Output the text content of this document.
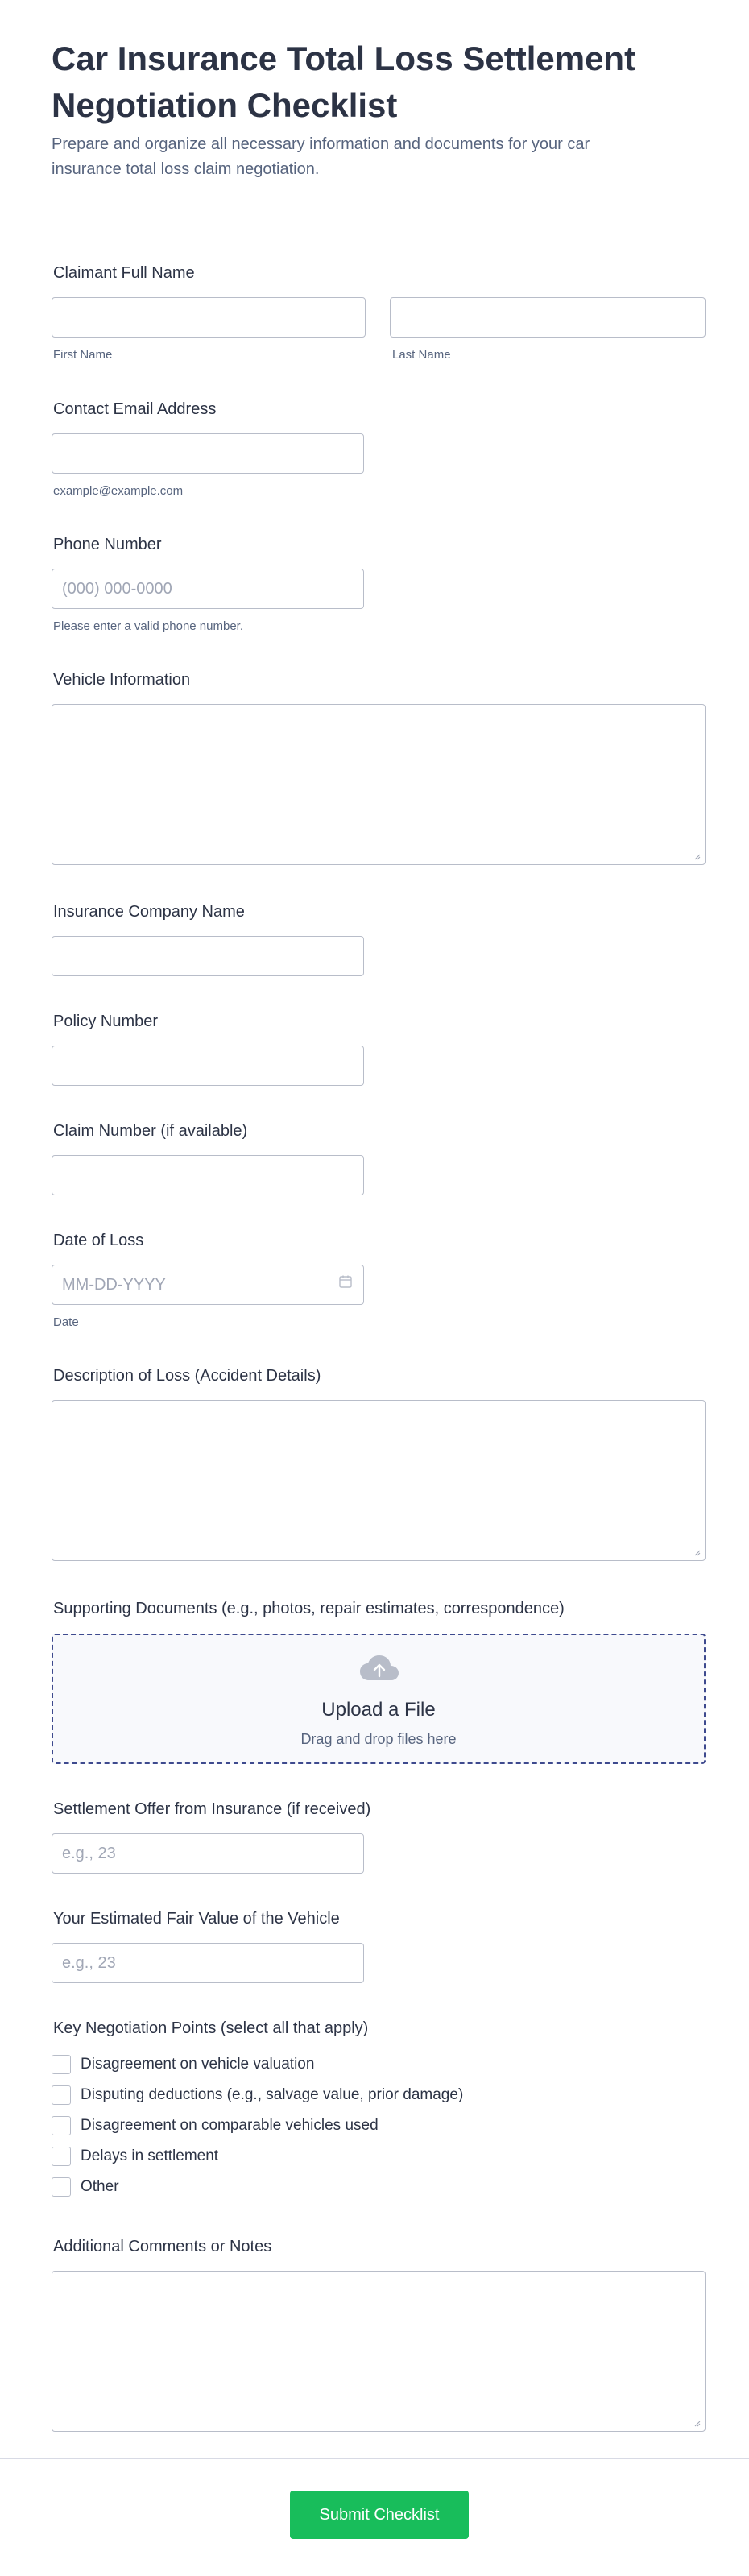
Car Insurance Total Loss Settlement Negotiation Checklist

Prepare and organize all necessary information and documents for your car insurance total loss claim negotiation.

Claimant Full Name
First Name	Last Name
Contact Email Address
example@example.com
Phone Number
(000) 000-0000
Please enter a valid phone number.
Vehicle Information
Insurance Company Name
Policy Number
Claim Number (if available)
Date of Loss
MM-DD-YYYY
Date
Description of Loss (Accident Details)
Supporting Documents (e.g., photos, repair estimates, correspondence)
Upload a File
Drag and drop files here
Settlement Offer from Insurance (if received)
e.g., 23
Your Estimated Fair Value of the Vehicle
e.g., 23
Key Negotiation Points (select all that apply)
Disagreement on vehicle valuation
Disputing deductions (e.g., salvage value, prior damage)
Disagreement on comparable vehicles used
Delays in settlement
Other
Additional Comments or Notes
Submit Checklist
